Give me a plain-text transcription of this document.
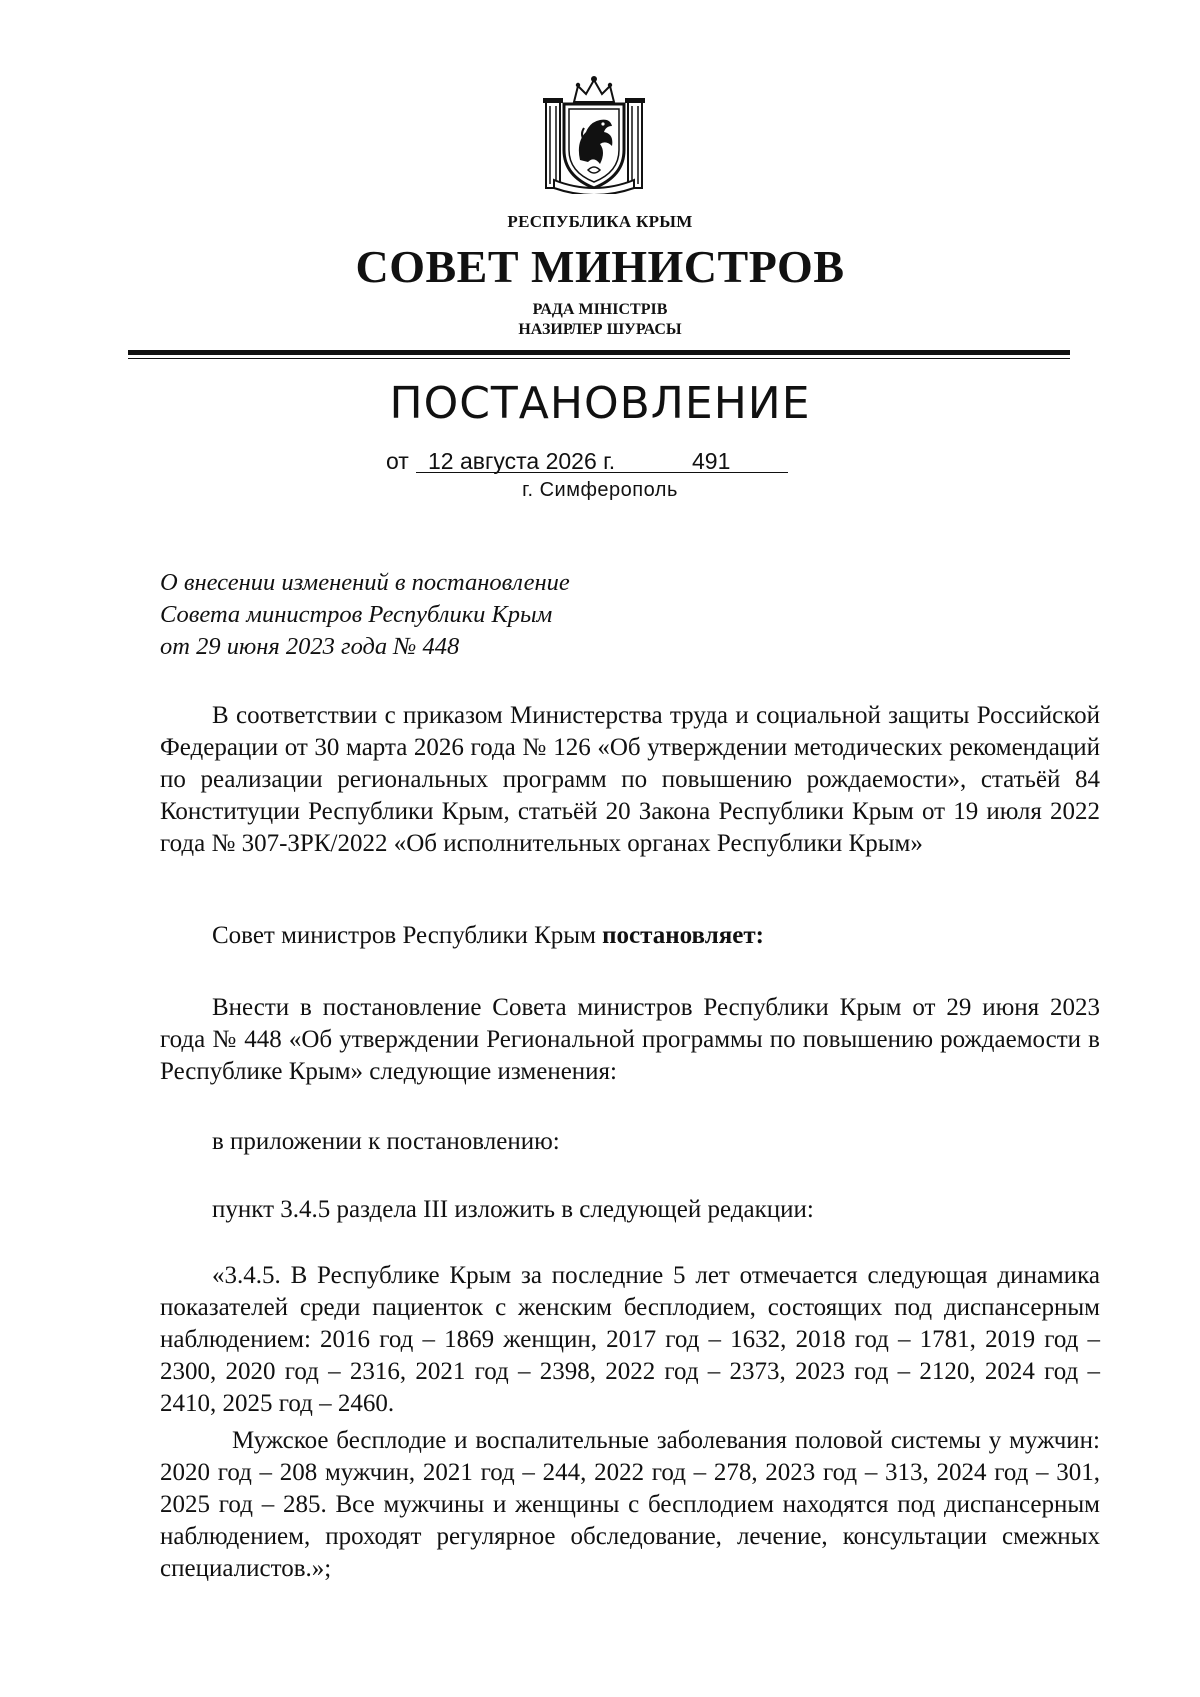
РЕСПУБЛИКА КРЫМ
СОВЕТ МИНИСТРОВ
РАДА МІНІСТРІВ
НАЗИРЛЕР ШУРАСЫ
ПОСТАНОВЛЕНИЕ
от 12 августа 2026 г.	491
г. Симферополь
О внесении изменений в постановление
Совета министров Республики Крым
от 29 июня 2023 года № 448

В соответствии с приказом Министерства труда и социальной защиты Российской Федерации от 30 марта 2026 года № 126 «Об утверждении методических рекомендаций по реализации региональных программ по повышению рождаемости», статьёй 84 Конституции Республики Крым, статьёй 20 Закона Республики Крым от 19 июля 2022 года № 307-ЗРК/2022 «Об исполнительных органах Республики Крым»

Совет министров Республики Крым постановляет:

Внести в постановление Совета министров Республики Крым от 29 июня 2023 года № 448 «Об утверждении Региональной программы по повышению рождаемости в Республике Крым» следующие изменения:

в приложении к постановлению:

пункт 3.4.5 раздела III изложить в следующей редакции:

«3.4.5. В Республике Крым за последние 5 лет отмечается следующая динамика показателей среди пациенток с женским бесплодием, состоящих под диспансерным наблюдением: 2016 год – 1869 женщин, 2017 год – 1632, 2018 год – 1781, 2019 год – 2300, 2020 год – 2316, 2021 год – 2398, 2022 год – 2373, 2023 год – 2120, 2024 год – 2410, 2025 год – 2460.

Мужское бесплодие и воспалительные заболевания половой системы у мужчин: 2020 год – 208 мужчин, 2021 год – 244, 2022 год – 278, 2023 год – 313, 2024 год – 301, 2025 год – 285. Все мужчины и женщины с бесплодием находятся под диспансерным наблюдением, проходят регулярное обследование, лечение, консультации смежных специалистов.»;
